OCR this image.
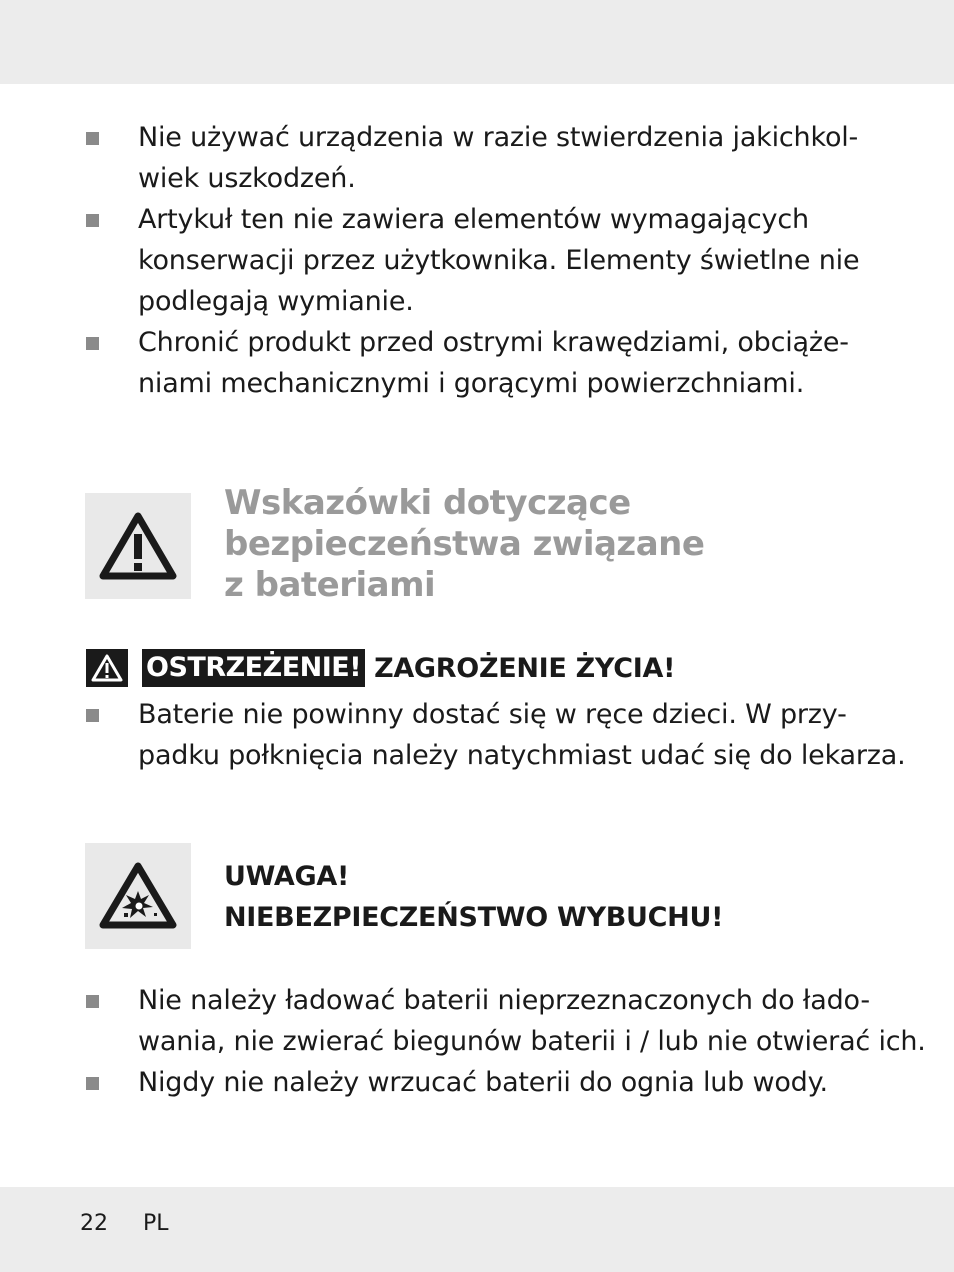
Nie używać urządzenia w razie stwierdzenia jakichkol-
wiek uszkodzeń.
Artykuł ten nie zawiera elementów wymagających
konserwacji przez użytkownika. Elementy świetlne nie
podlegają wymianie.
Chronić produkt przed ostrymi krawędziami, obciąże-
niami mechanicznymi i gorącymi powierzchniami.
Wskazówki dotyczące
bezpieczeństwa związane
z bateriami
OSTRZEŻENIE! ZAGROŻENIE ŻYCIA!
Baterie nie powinny dostać się w ręce dzieci. W przy-
padku połknięcia należy natychmiast udać się do lekarza.
UWAGA!
NIEBEZPIECZEŃSTWO WYBUCHU!
Nie należy ładować baterii nieprzeznaczonych do łado-
wania, nie zwierać biegunów baterii i / lub nie otwierać ich.
Nigdy nie należy wrzucać baterii do ognia lub wody.
22 PL
